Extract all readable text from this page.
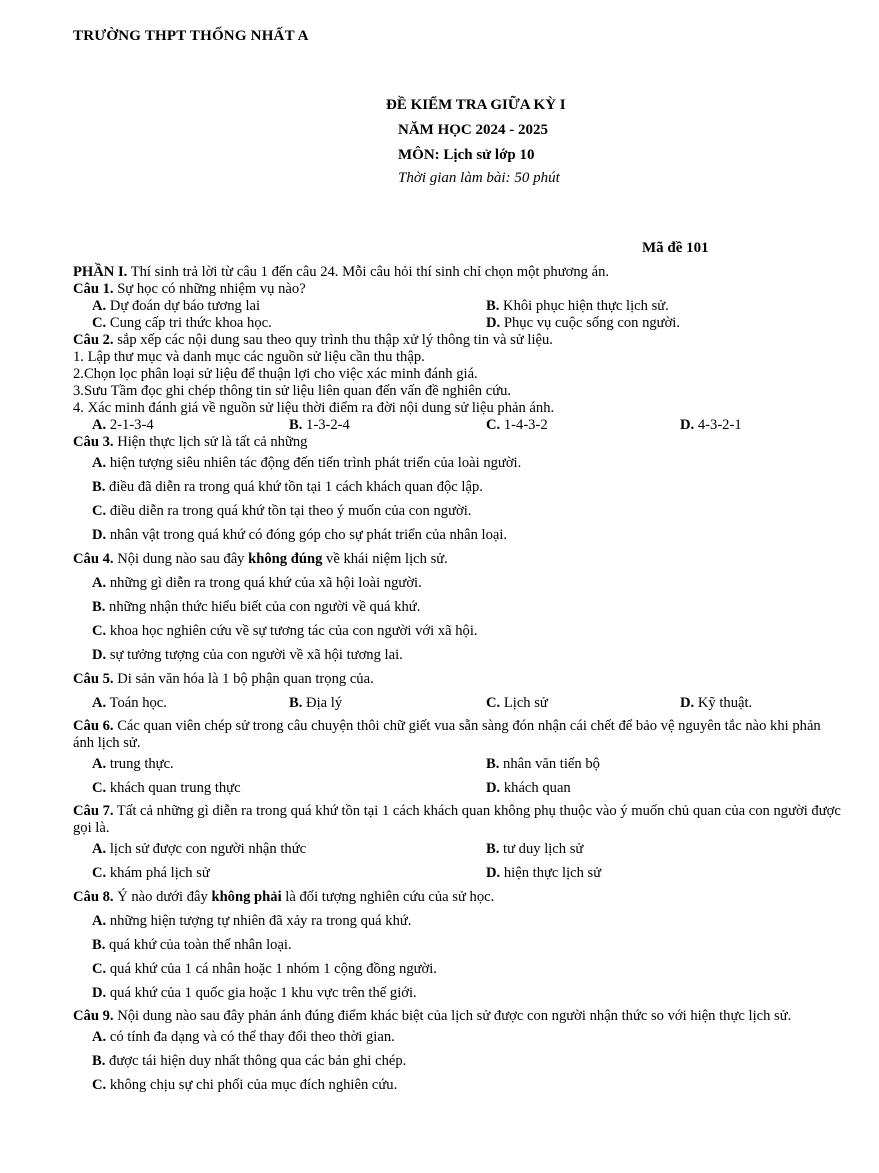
TRƯỜNG THPT THỐNG NHẤT A
ĐỀ KIỂM TRA GIỮA KỲ I
NĂM HỌC 2024 - 2025
MÔN: Lịch sử lớp 10
Thời gian làm bài: 50 phút
Mã đề 101
PHẦN I. Thí sinh trả lời từ câu 1 đến câu 24. Mỗi câu hỏi thí sinh chỉ chọn một phương án.
Câu 1. Sự học có những nhiệm vụ nào?
A. Dự đoán dự báo tương lai	B. Khôi phục hiện thực lịch sử.
C. Cung cấp tri thức khoa học.	D. Phục vụ cuộc sống con người.
Câu 2. sắp xếp các nội dung sau theo quy trình thu thập xử lý thông tin và sử liệu.
1. Lập thư mục và danh mục các nguồn sử liệu cần thu thập.
2.Chọn lọc phân loại sử liệu để thuận lợi cho việc xác minh đánh giá.
3.Sưu Tầm đọc ghi chép thông tin sử liệu liên quan đến vấn đề nghiên cứu.
4. Xác minh đánh giá về nguồn sử liệu thời điểm ra đời nội dung sử liệu phản ánh.
A. 2-1-3-4	B. 1-3-2-4	C. 1-4-3-2	D. 4-3-2-1
Câu 3. Hiện thực lịch sử là tất cả những
A. hiện tượng siêu nhiên tác động đến tiến trình phát triển của loài người.
B. điều đã diễn ra trong quá khứ tồn tại 1 cách khách quan độc lập.
C. điều diễn ra trong quá khứ tồn tại theo ý muốn của con người.
D. nhân vật trong quá khứ có đóng góp cho sự phát triển của nhân loại.
Câu 4. Nội dung nào sau đây không đúng về khái niệm lịch sử.
A. những gì diễn ra trong quá khứ của xã hội loài người.
B. những nhận thức hiểu biết của con người về quá khứ.
C. khoa học nghiên cứu về sự tương tác của con người với xã hội.
D. sự tưởng tượng của con người về xã hội tương lai.
Câu 5. Di sản văn hóa là 1 bộ phận quan trọng của.
A. Toán học.	B. Địa lý	C. Lịch sử	D. Kỹ thuật.
Câu 6. Các quan viên chép sử trong câu chuyện thôi chữ giết vua sẵn sàng đón nhận cái chết để bảo vệ nguyên tắc nào khi phản ánh lịch sử.
A. trung thực.	B. nhân văn tiến bộ
C. khách quan trung thực	D. khách quan
Câu 7. Tất cả những gì diễn ra trong quá khứ tồn tại 1 cách khách quan không phụ thuộc vào ý muốn chủ quan của con người được gọi là.
A. lịch sử được con người nhận thức	B. tư duy lịch sử
C. khám phá lịch sử	D. hiện thực lịch sử
Câu 8. Ý nào dưới đây không phải là đối tượng nghiên cứu của sử học.
A. những hiện tượng tự nhiên đã xảy ra trong quá khứ.
B. quá khứ của toàn thể nhân loại.
C. quá khứ của 1 cá nhân hoặc 1 nhóm 1 cộng đồng người.
D. quá khứ của 1 quốc gia hoặc 1 khu vực trên thế giới.
Câu 9. Nội dung nào sau đây phản ánh đúng điểm khác biệt của lịch sử được con người nhận thức so với hiện thực lịch sử.
A. có tính đa dạng và có thể thay đổi theo thời gian.
B. được tái hiện duy nhất thông qua các bản ghi chép.
C. không chịu sự chi phối của mục đích nghiên cứu.
